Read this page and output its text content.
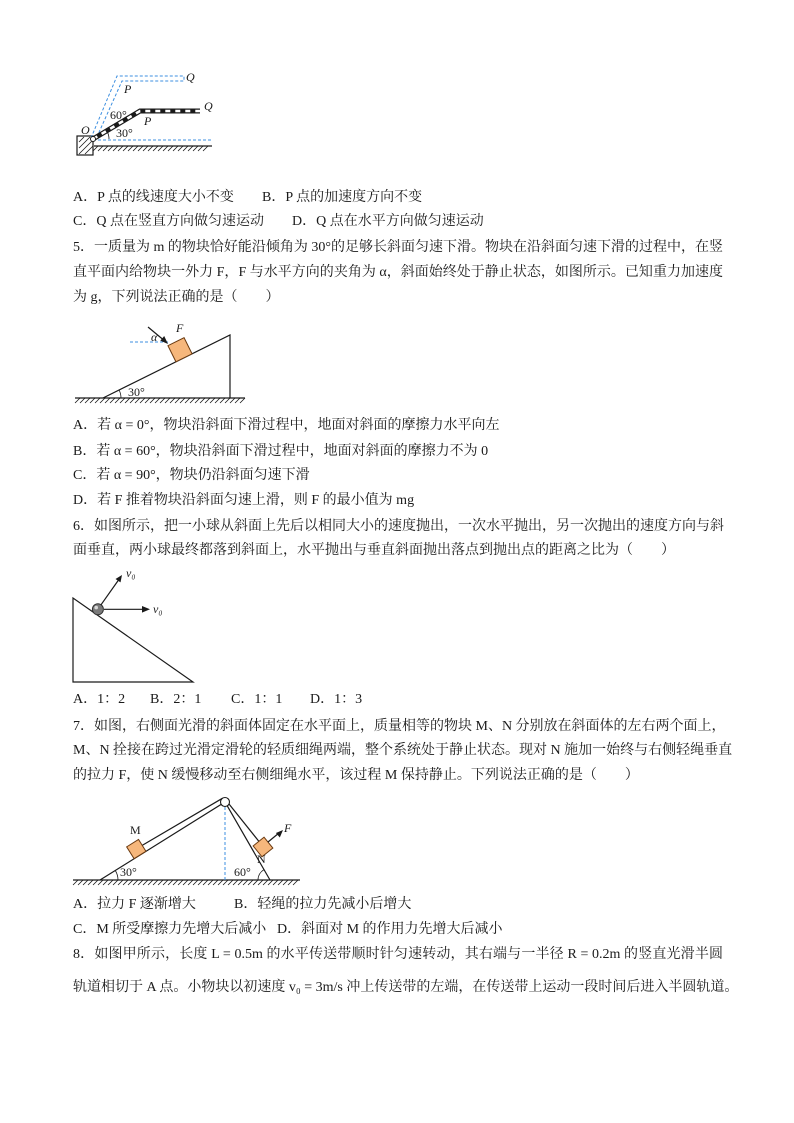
O 30°
60°
P
Q
P
Q
A．P 点的线速度大小不变 B．P 点的加速度方向不变
C．Q 点在竖直方向做匀速运动 D．Q 点在水平方向做匀速运动
5．一质量为 m 的物块恰好能沿倾角为 30°的足够长斜面匀速下滑。物块在沿斜面匀速下滑的过程中，在竖
直平面内给物块一外力 F，F 与水平方向的夹角为 α，斜面始终处于静止状态，如图所示。已知重力加速度
为 g，下列说法正确的是（　　）
F
α
30°
A．若 α = 0°，物块沿斜面下滑过程中，地面对斜面的摩擦力水平向左
B．若 α = 60°，物块沿斜面下滑过程中，地面对斜面的摩擦力不为 0
C．若 α = 90°，物块仍沿斜面匀速下滑
D．若 F 推着物块沿斜面匀速上滑，则 F 的最小值为 mg
6．如图所示，把一小球从斜面上先后以相同大小的速度抛出，一次水平抛出，另一次抛出的速度方向与斜
面垂直，两小球最终都落到斜面上，水平抛出与垂直斜面抛出落点到抛出点的距离之比为（　　）
v₀
v₀
A．1：2 B．2：1 C．1：1 D．1：3
7．如图，右侧面光滑的斜面体固定在水平面上，质量相等的物块 M、N 分别放在斜面体的左右两个面上，
M、N 拴接在跨过光滑定滑轮的轻质细绳两端，整个系统处于静止状态。现对 N 施加一始终与右侧轻绳垂直
的拉力 F，使 N 缓慢移动至右侧细绳水平，该过程 M 保持静止。下列说法正确的是（　　）
M
N
F
30°	60°
A．拉力 F 逐渐增大	B．轻绳的拉力先减小后增大
C．M 所受摩擦力先增大后减小 D．斜面对 M 的作用力先增大后减小
8．如图甲所示，长度 L = 0.5m 的水平传送带顺时针匀速转动，其右端与一半径 R = 0.2m 的竖直光滑半圆
轨道相切于 A 点。小物块以初速度 v₀ = 3m/s 冲上传送带的左端，在传送带上运动一段时间后进入半圆轨道。
